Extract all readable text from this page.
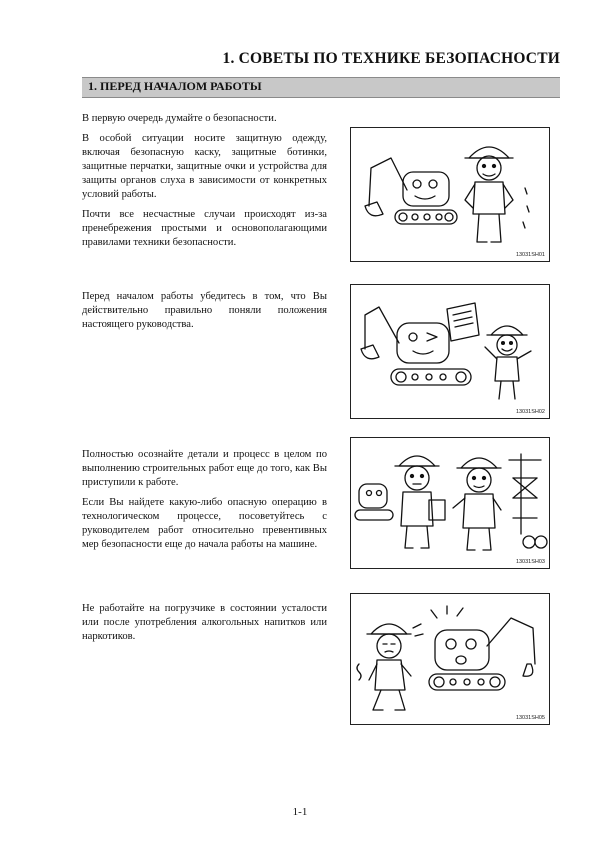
1. СОВЕТЫ ПО ТЕХНИКЕ БЕЗОПАСНОСТИ
1. ПЕРЕД НАЧАЛОМ РАБОТЫ

В первую очередь думайте о безопасности.

В особой ситуации носите защитную одежду, включая безопасную каску, защитные ботинки, защитные перчатки, защитные очки и устройства для защиты органов слуха в зависимости от конкретных условий работы.

Почти все несчастные случаи происходят из-за пренебрежения простыми и основополагающими правилами техники безопасности.

13031SH01

Перед началом работы убедитесь в том, что Вы действительно правильно поняли положения настоящего руководства.

13031SH02

Полностью осознайте детали и процесс в целом по выполнению строительных работ еще до того, как Вы приступили к работе.

Если Вы найдете какую-либо опасную операцию в технологическом процессе, посоветуйтесь с руководителем работ относительно превентивных мер безопасности еще до начала работы на машине.

13031SH03

Не работайте на погрузчике в состоянии усталости или после употребления алкогольных напитков или наркотиков.

13031SH05
1-1
